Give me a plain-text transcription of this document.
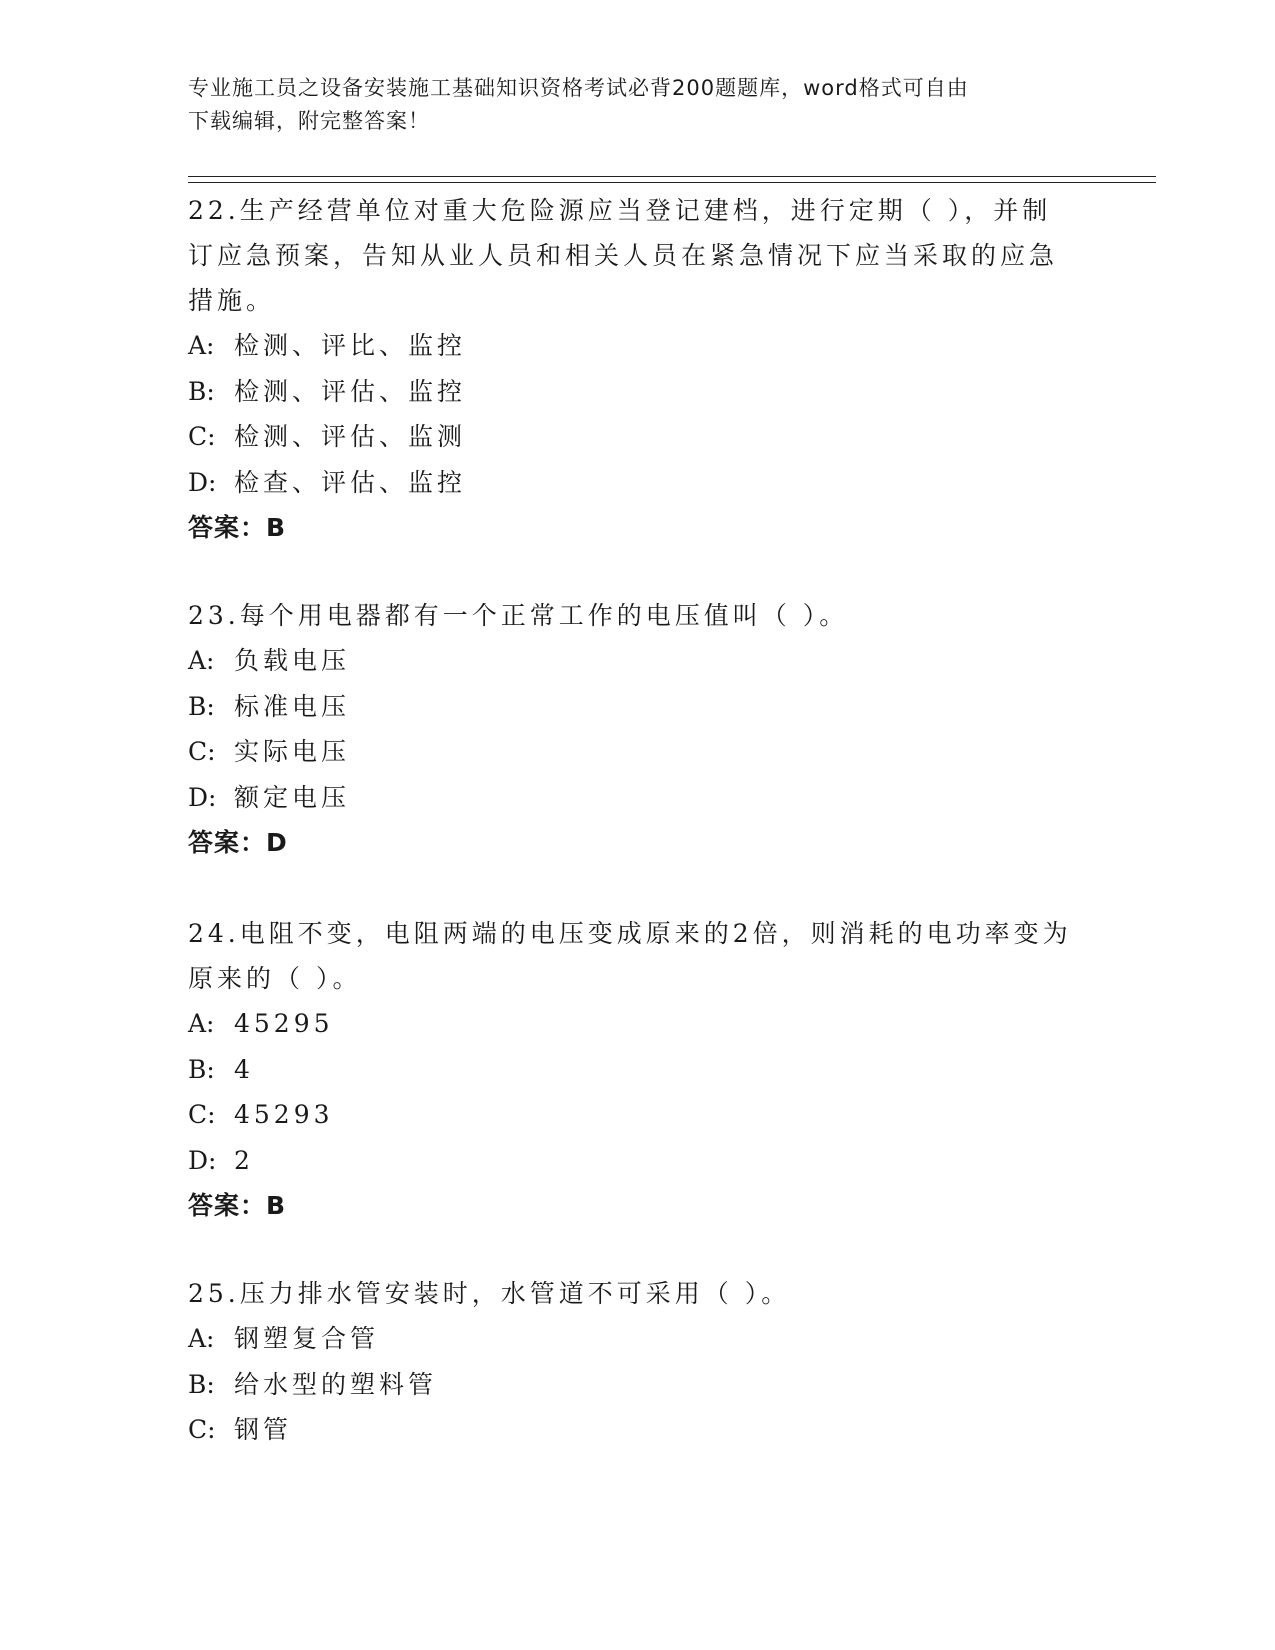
专业施工员之设备安装施工基础知识资格考试必背200题题库，word格式可自由
下载编辑，附完整答案！

22.生产经营单位对重大危险源应当登记建档，进行定期（ ），并制订应急预案，告知从业人员和相关人员在紧急情况下应当采取的应急措施。

A: 检测、评比、监控
B: 检测、评估、监控
C: 检测、评估、监测
D: 检查、评估、监控
答案：B

23.每个用电器都有一个正常工作的电压值叫（ ）。

A: 负载电压
B: 标准电压
C: 实际电压
D: 额定电压
答案：D

24.电阻不变，电阻两端的电压变成原来的2倍，则消耗的电功率变为原来的（ ）。

A: 45295
B: 4
C: 45293
D: 2
答案：B

25.压力排水管安装时，水管道不可采用（ ）。

A: 钢塑复合管
B: 给水型的塑料管
C: 钢管
